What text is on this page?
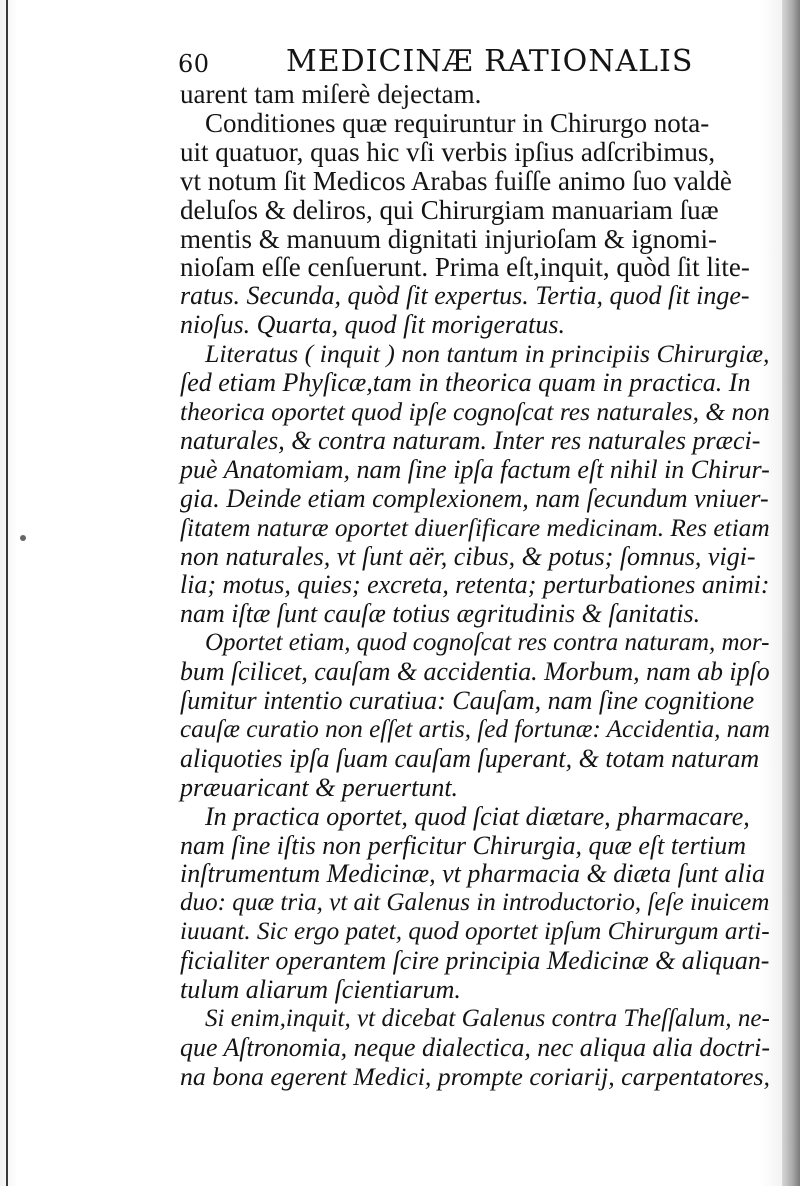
60	MEDICINÆ RATIONALIS
uarent tam miſerè dejectam.
Conditiones quæ requiruntur in Chirurgo nota-
uit quatuor, quas hic vſi verbis ipſius adſcribimus,
vt notum ſit Medicos Arabas fuiſſe animo ſuo valdè
deluſos & deliros, qui Chirurgiam manuariam ſuæ
mentis & manuum dignitati injurioſam & ignomi-
nioſam eſſe cenſuerunt. Prima eſt,inquit, quòd ſit lite-
ratus. Secunda, quòd ſit expertus. Tertia, quod ſit inge-
nioſus. Quarta, quod ſit morigeratus.
Literatus ( inquit ) non tantum in principiis Chirurgiæ,
ſed etiam Phyſicæ,tam in theorica quam in practica. In
theorica oportet quod ipſe cognoſcat res naturales, & non
naturales, & contra naturam. Inter res naturales præci-
puè Anatomiam, nam ſine ipſa factum eſt nihil in Chirur-
gia. Deinde etiam complexionem, nam ſecundum vniuer-
ſitatem naturæ oportet diuerſificare medicinam. Res etiam
non naturales, vt ſunt aër, cibus, & potus; ſomnus, vigi-
lia; motus, quies; excreta, retenta; perturbationes animi:
nam iſtæ ſunt cauſæ totius ægritudinis & ſanitatis.
Oportet etiam, quod cognoſcat res contra naturam, mor-
bum ſcilicet, cauſam & accidentia. Morbum, nam ab ipſo
ſumitur intentio curatiua: Cauſam, nam ſine cognitione
cauſæ curatio non eſſet artis, ſed fortunæ: Accidentia, nam
aliquoties ipſa ſuam cauſam ſuperant, & totam naturam
præuaricant & peruertunt.
In practica oportet, quod ſciat diætare, pharmacare,
nam ſine iſtis non perficitur Chirurgia, quæ eſt tertium
inſtrumentum Medicinæ, vt pharmacia & diæta ſunt alia
duo: quæ tria, vt ait Galenus in introductorio, ſeſe inuicem
iuuant. Sic ergo patet, quod oportet ipſum Chirurgum arti-
ficialiter operantem ſcire principia Medicinæ & aliquan-
tulum aliarum ſcientiarum.
Si enim,inquit, vt dicebat Galenus contra Theſſalum, ne-
que Aſtronomia, neque dialectica, nec aliqua alia doctri-
na bona egerent Medici, prompte coriarij, carpentatores,
